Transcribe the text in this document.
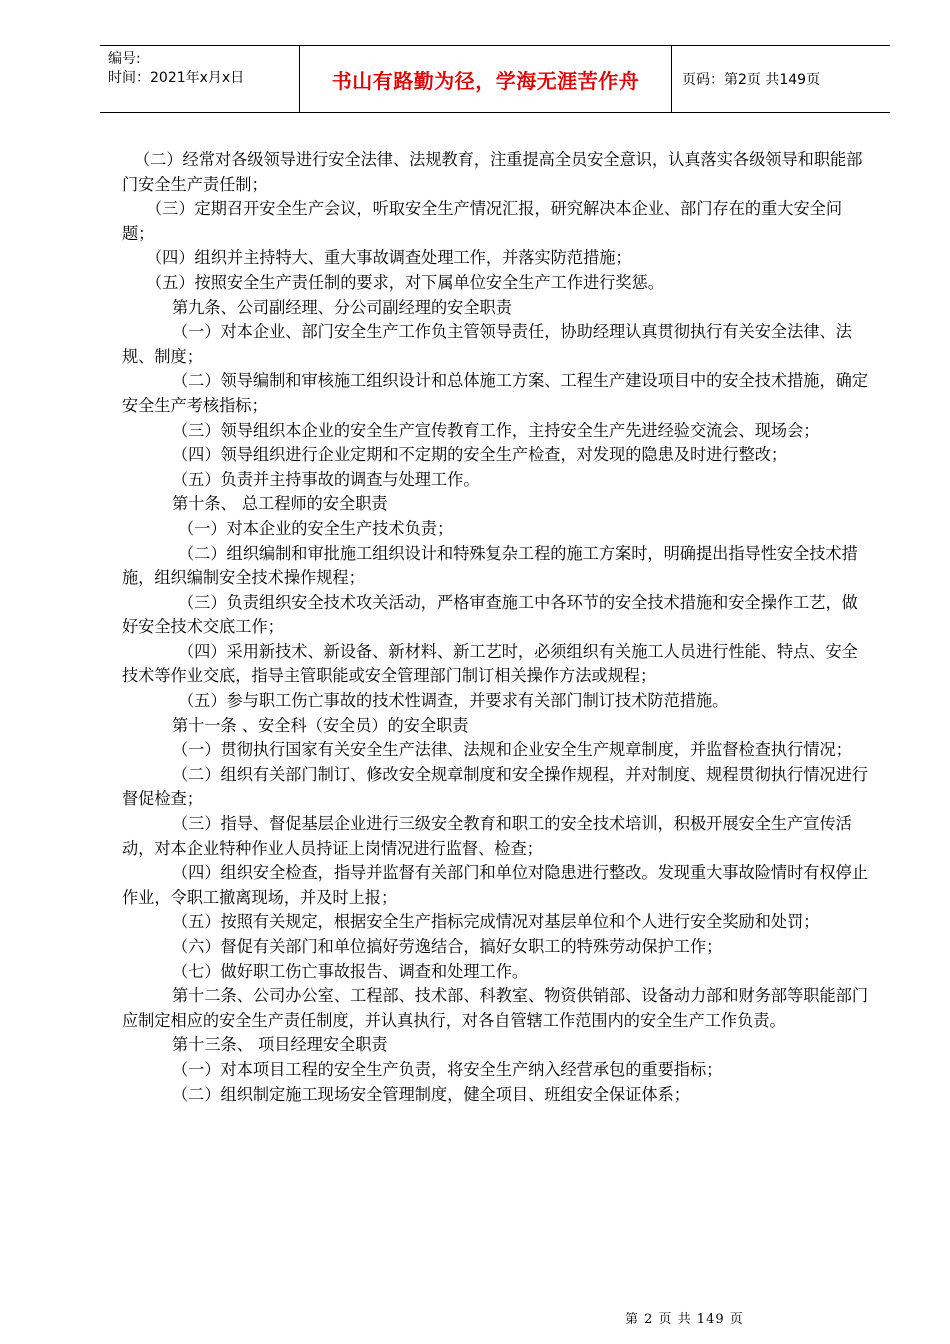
编号:
时间：2021年x月x日	书山有路勤为径，学海无涯苦作舟	页码：第2页 共149页

（二）经常对各级领导进行安全法律、法规教育，注重提高全员安全意识，认真落实各级领导和职能部门安全生产责任制；

（三）定期召开安全生产会议，听取安全生产情况汇报，研究解决本企业、部门存在的重大安全问题；

（四）组织并主持特大、重大事故调查处理工作，并落实防范措施；

（五）按照安全生产责任制的要求，对下属单位安全生产工作进行奖惩。

第九条、公司副经理、分公司副经理的安全职责

（一）对本企业、部门安全生产工作负主管领导责任，协助经理认真贯彻执行有关安全法律、法规、制度；

（二）领导编制和审核施工组织设计和总体施工方案、工程生产建设项目中的安全技术措施，确定安全生产考核指标；

（三）领导组织本企业的安全生产宣传教育工作，主持安全生产先进经验交流会、现场会；

（四）领导组织进行企业定期和不定期的安全生产检查，对发现的隐患及时进行整改；

（五）负责并主持事故的调查与处理工作。

第十条、 总工程师的安全职责

（一）对本企业的安全生产技术负责；

（二）组织编制和审批施工组织设计和特殊复杂工程的施工方案时，明确提出指导性安全技术措施，组织编制安全技术操作规程；

（三）负责组织安全技术攻关活动，严格审查施工中各环节的安全技术措施和安全操作工艺，做好安全技术交底工作；

（四）采用新技术、新设备、新材料、新工艺时，必须组织有关施工人员进行性能、特点、安全技术等作业交底，指导主管职能或安全管理部门制订相关操作方法或规程；

（五）参与职工伤亡事故的技术性调查，并要求有关部门制订技术防范措施。

第十一条 、安全科（安全员）的安全职责

（一）贯彻执行国家有关安全生产法律、法规和企业安全生产规章制度，并监督检查执行情况；

（二）组织有关部门制订、修改安全规章制度和安全操作规程，并对制度、规程贯彻执行情况进行督促检查；

（三）指导、督促基层企业进行三级安全教育和职工的安全技术培训，积极开展安全生产宣传活动，对本企业特种作业人员持证上岗情况进行监督、检查；

（四）组织安全检查，指导并监督有关部门和单位对隐患进行整改。发现重大事故险情时有权停止作业，令职工撤离现场，并及时上报；

（五）按照有关规定，根据安全生产指标完成情况对基层单位和个人进行安全奖励和处罚；

（六）督促有关部门和单位搞好劳逸结合，搞好女职工的特殊劳动保护工作；

（七）做好职工伤亡事故报告、调查和处理工作。

第十二条、公司办公室、工程部、技术部、科教室、物资供销部、设备动力部和财务部等职能部门应制定相应的安全生产责任制度，并认真执行，对各自管辖工作范围内的安全生产工作负责。

第十三条、 项目经理安全职责

（一）对本项目工程的安全生产负责，将安全生产纳入经营承包的重要指标；

（二）组织制定施工现场安全管理制度，健全项目、班组安全保证体系；

第 2 页 共 149 页
